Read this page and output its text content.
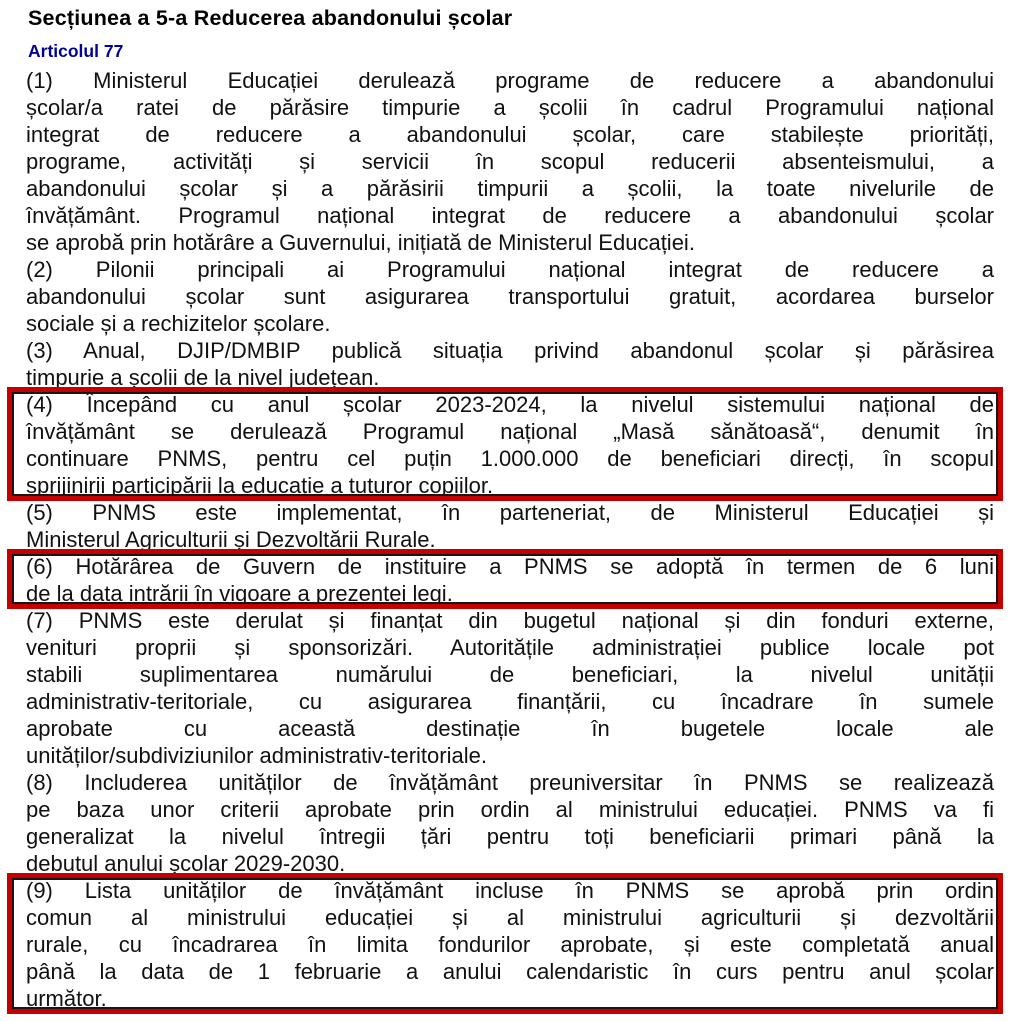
Secțiunea a 5-a Reducerea abandonului școlar
Articolul 77
(1) Ministerul Educației derulează programe de reducere a abandonului
școlar/a ratei de părăsire timpurie a școlii în cadrul Programului național
integrat de reducere a abandonului școlar, care stabilește priorități,
programe, activități și servicii în scopul reducerii absenteismului, a
abandonului școlar și a părăsirii timpurii a școlii, la toate nivelurile de
învățământ. Programul național integrat de reducere a abandonului școlar
se aprobă prin hotărâre a Guvernului, inițiată de Ministerul Educației.
(2) Pilonii principali ai Programului național integrat de reducere a
abandonului școlar sunt asigurarea transportului gratuit, acordarea burselor
sociale și a rechizitelor școlare.
(3) Anual, DJIP/DMBIP publică situația privind abandonul școlar și părăsirea
timpurie a școlii de la nivel județean.
(4) Începând cu anul școlar 2023-2024, la nivelul sistemului național de
învățământ se derulează Programul național „Masă sănătoasă“, denumit în
continuare PNMS, pentru cel puțin 1.000.000 de beneficiari direcți, în scopul
sprijinirii participării la educație a tuturor copiilor.
(5) PNMS este implementat, în parteneriat, de Ministerul Educației și
Ministerul Agriculturii și Dezvoltării Rurale.
(6) Hotărârea de Guvern de instituire a PNMS se adoptă în termen de 6 luni
de la data intrării în vigoare a prezentei legi.
(7) PNMS este derulat și finanțat din bugetul național și din fonduri externe,
venituri proprii și sponsorizări. Autoritățile administrației publice locale pot
stabili suplimentarea numărului de beneficiari, la nivelul unității
administrativ-teritoriale, cu asigurarea finanțării, cu încadrare în sumele
aprobate cu această destinație în bugetele locale ale
unităților/subdiviziunilor administrativ-teritoriale.
(8) Includerea unităților de învățământ preuniversitar în PNMS se realizează
pe baza unor criterii aprobate prin ordin al ministrului educației. PNMS va fi
generalizat la nivelul întregii țări pentru toți beneficiarii primari până la
debutul anului școlar 2029-2030.
(9) Lista unităților de învățământ incluse în PNMS se aprobă prin ordin
comun al ministrului educației și al ministrului agriculturii și dezvoltării
rurale, cu încadrarea în limita fondurilor aprobate, și este completată anual
până la data de 1 februarie a anului calendaristic în curs pentru anul școlar
următor.
